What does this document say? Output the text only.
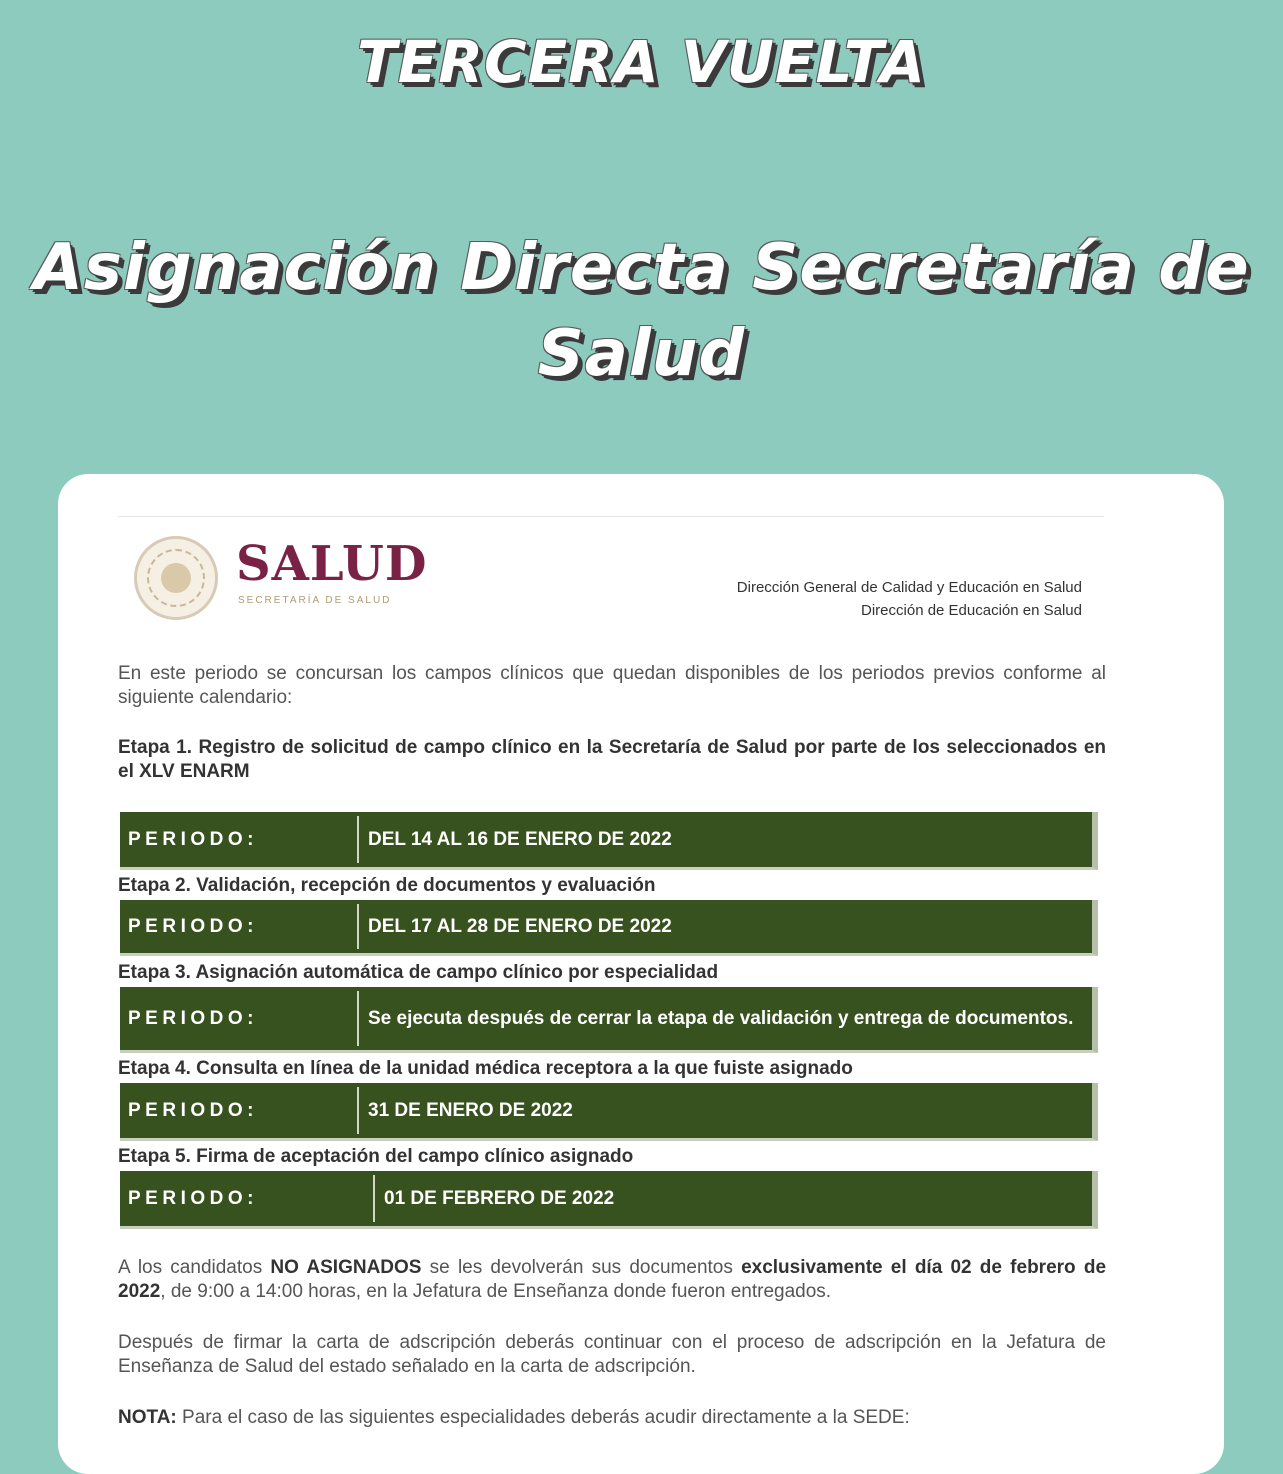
TERCERA VUELTA
Asignación Directa Secretaría de Salud
SALUD
SECRETARÍA DE SALUD
Dirección General de Calidad y Educación en Salud
Dirección de Educación en Salud
En este periodo se concursan los campos clínicos que quedan disponibles de los periodos previos conforme al siguiente calendario:
Etapa 1. Registro de solicitud de campo clínico en la Secretaría de Salud por parte de los seleccionados en el XLV ENARM
PERIODO:	DEL 14 AL 16 DE ENERO DE 2022
Etapa 2. Validación, recepción de documentos y evaluación
PERIODO:	DEL 17 AL 28 DE ENERO DE 2022
Etapa 3. Asignación automática de campo clínico por especialidad
PERIODO:	Se ejecuta después de cerrar la etapa de validación y entrega de documentos.
Etapa 4. Consulta en línea de la unidad médica receptora a la que fuiste asignado
PERIODO:	31 DE ENERO DE 2022
Etapa 5. Firma de aceptación del campo clínico asignado
PERIODO:	01 DE FEBRERO DE 2022
A los candidatos NO ASIGNADOS se les devolverán sus documentos exclusivamente el día 02 de febrero de 2022, de 9:00 a 14:00 horas, en la Jefatura de Enseñanza donde fueron entregados.
Después de firmar la carta de adscripción deberás continuar con el proceso de adscripción en la Jefatura de Enseñanza de Salud del estado señalado en la carta de adscripción.
NOTA: Para el caso de las siguientes especialidades deberás acudir directamente a la SEDE:
